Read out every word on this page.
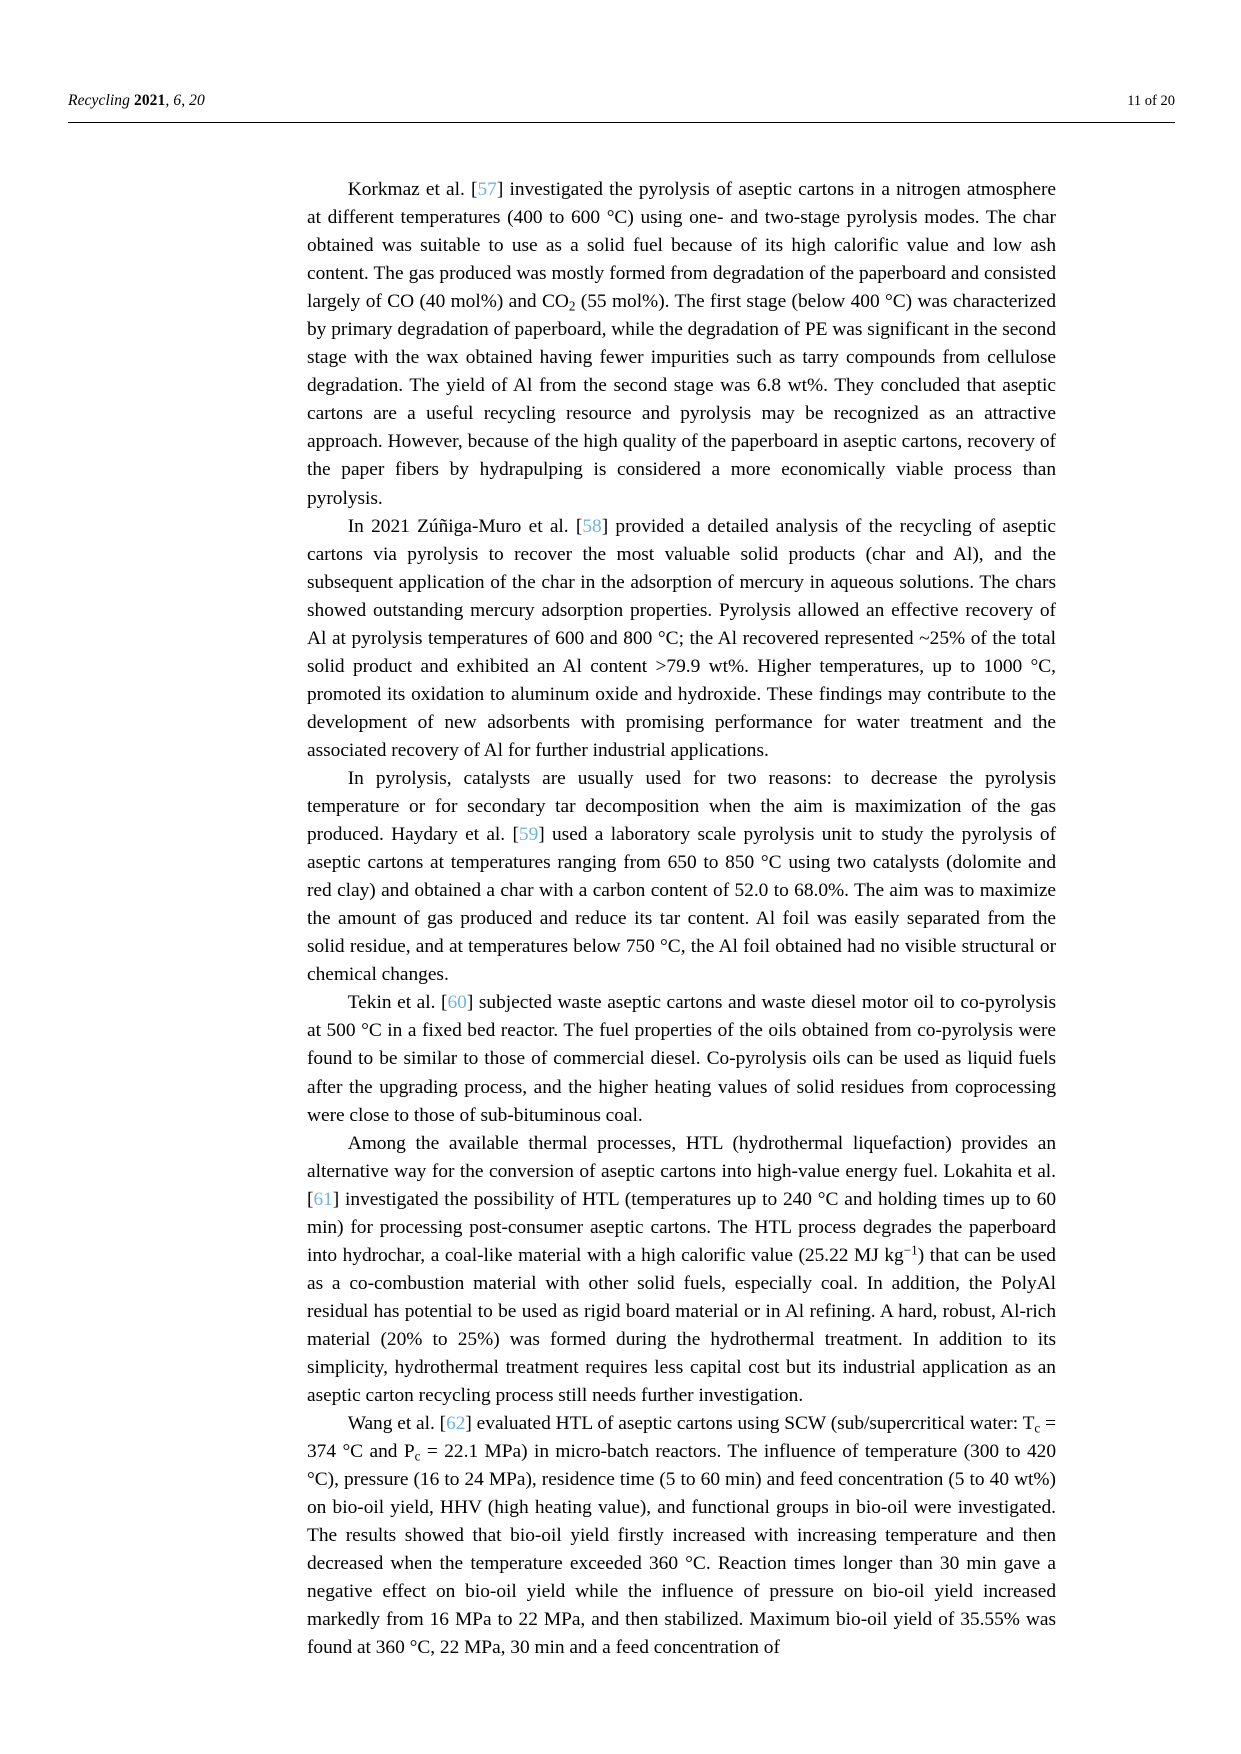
Recycling 2021, 6, 20	11 of 20

Korkmaz et al. [57] investigated the pyrolysis of aseptic cartons in a nitrogen atmosphere at different temperatures (400 to 600 °C) using one- and two-stage pyrolysis modes. The char obtained was suitable to use as a solid fuel because of its high calorific value and low ash content. The gas produced was mostly formed from degradation of the paperboard and consisted largely of CO (40 mol%) and $CO_2$ (55 mol%). The first stage (below 400 °C) was characterized by primary degradation of paperboard, while the degradation of PE was significant in the second stage with the wax obtained having fewer impurities such as tarry compounds from cellulose degradation. The yield of Al from the second stage was 6.8 wt%. They concluded that aseptic cartons are a useful recycling resource and pyrolysis may be recognized as an attractive approach. However, because of the high quality of the paperboard in aseptic cartons, recovery of the paper fibers by hydrapulping is considered a more economically viable process than pyrolysis.

In 2021 Zúñiga-Muro et al. [58] provided a detailed analysis of the recycling of aseptic cartons via pyrolysis to recover the most valuable solid products (char and Al), and the subsequent application of the char in the adsorption of mercury in aqueous solutions. The chars showed outstanding mercury adsorption properties. Pyrolysis allowed an effective recovery of Al at pyrolysis temperatures of 600 and 800 °C; the Al recovered represented ~25% of the total solid product and exhibited an Al content >79.9 wt%. Higher temperatures, up to 1000 °C, promoted its oxidation to aluminum oxide and hydroxide. These findings may contribute to the development of new adsorbents with promising performance for water treatment and the associated recovery of Al for further industrial applications.

In pyrolysis, catalysts are usually used for two reasons: to decrease the pyrolysis temperature or for secondary tar decomposition when the aim is maximization of the gas produced. Haydary et al. [59] used a laboratory scale pyrolysis unit to study the pyrolysis of aseptic cartons at temperatures ranging from 650 to 850 °C using two catalysts (dolomite and red clay) and obtained a char with a carbon content of 52.0 to 68.0%. The aim was to maximize the amount of gas produced and reduce its tar content. Al foil was easily separated from the solid residue, and at temperatures below 750 °C, the Al foil obtained had no visible structural or chemical changes.

Tekin et al. [60] subjected waste aseptic cartons and waste diesel motor oil to co-pyrolysis at 500 °C in a fixed bed reactor. The fuel properties of the oils obtained from co-pyrolysis were found to be similar to those of commercial diesel. Co-pyrolysis oils can be used as liquid fuels after the upgrading process, and the higher heating values of solid residues from coprocessing were close to those of sub-bituminous coal.

Among the available thermal processes, HTL (hydrothermal liquefaction) provides an alternative way for the conversion of aseptic cartons into high-value energy fuel. Lokahita et al. [61] investigated the possibility of HTL (temperatures up to 240 °C and holding times up to 60 min) for processing post-consumer aseptic cartons. The HTL process degrades the paperboard into hydrochar, a coal-like material with a high calorific value (25.22 MJ $kg^{-1}$) that can be used as a co-combustion material with other solid fuels, especially coal. In addition, the PolyAl residual has potential to be used as rigid board material or in Al refining. A hard, robust, Al-rich material (20% to 25%) was formed during the hydrothermal treatment. In addition to its simplicity, hydrothermal treatment requires less capital cost but its industrial application as an aseptic carton recycling process still needs further investigation.

Wang et al. [62] evaluated HTL of aseptic cartons using SCW (sub/supercritical water: $T_c = 374$ °C and $P_c = 22.1$ MPa) in micro-batch reactors. The influence of temperature (300 to 420 °C), pressure (16 to 24 MPa), residence time (5 to 60 min) and feed concentration (5 to 40 wt%) on bio-oil yield, HHV (high heating value), and functional groups in bio-oil were investigated. The results showed that bio-oil yield firstly increased with increasing temperature and then decreased when the temperature exceeded 360 °C. Reaction times longer than 30 min gave a negative effect on bio-oil yield while the influence of pressure on bio-oil yield increased markedly from 16 MPa to 22 MPa, and then stabilized. Maximum bio-oil yield of 35.55% was found at 360 °C, 22 MPa, 30 min and a feed concentration of
